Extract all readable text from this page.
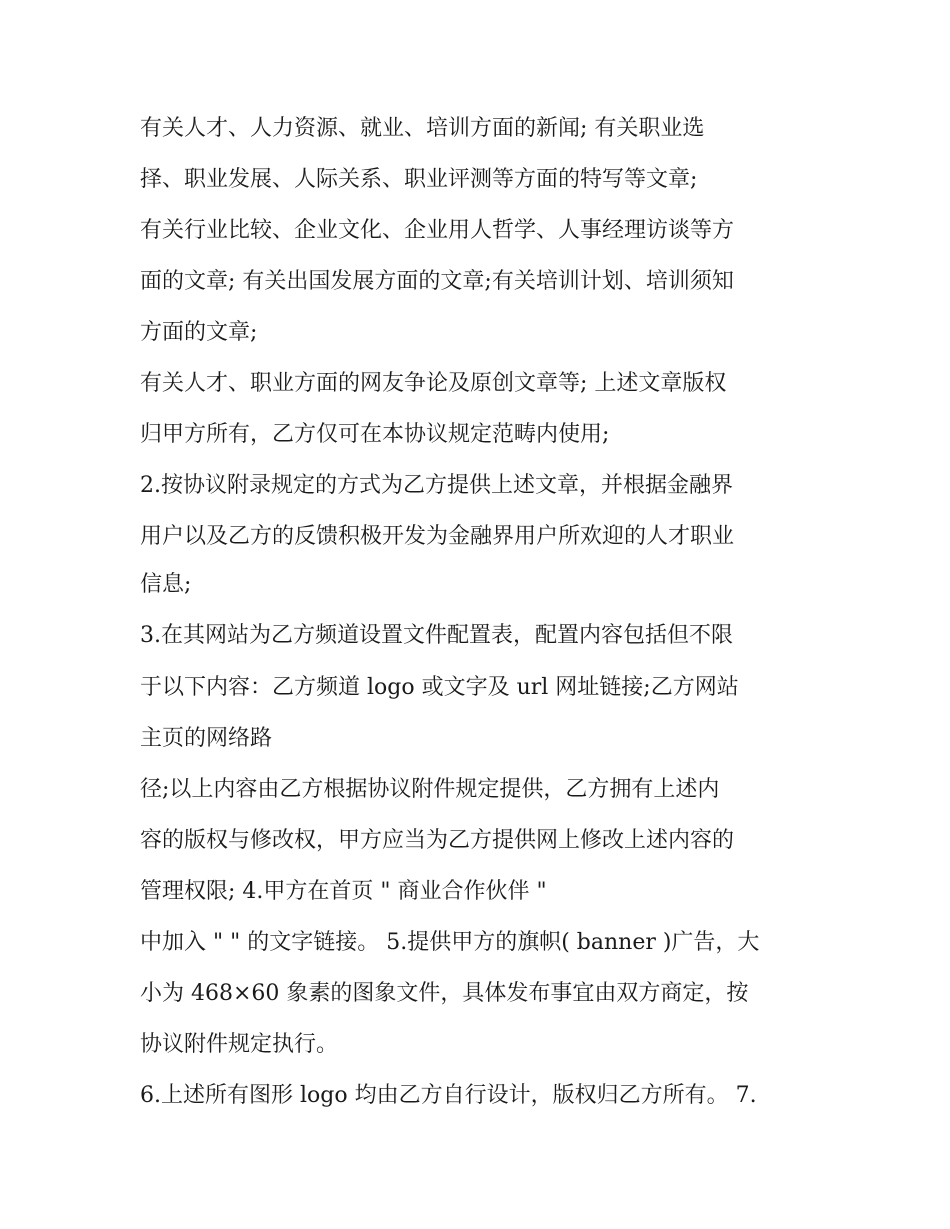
有关人才、人力资源、就业、培训方面的新闻; 有关职业选
择、职业发展、人际关系、职业评测等方面的特写等文章;
有关行业比较、企业文化、企业用人哲学、人事经理访谈等方
面的文章; 有关出国发展方面的文章;有关培训计划、培训须知
方面的文章;
有关人才、职业方面的网友争论及原创文章等; 上述文章版权
归甲方所有，乙方仅可在本协议规定范畴内使用;
2.按协议附录规定的方式为乙方提供上述文章，并根据金融界
用户以及乙方的反馈积极开发为金融界用户所欢迎的人才职业
信息;
3.在其网站为乙方频道设置文件配置表，配置内容包括但不限
于以下内容：乙方频道 logo 或文字及 url 网址链接;乙方网站
主页的网络路
径;以上内容由乙方根据协议附件规定提供，乙方拥有上述内
容的版权与修改权，甲方应当为乙方提供网上修改上述内容的
管理权限; 4.甲方在首页 " 商业合作伙伴 "
中加入 " " 的文字链接。 5.提供甲方的旗帜( banner )广告，大
小为 468×60 象素的图象文件，具体发布事宜由双方商定，按
协议附件规定执行。
6.上述所有图形 logo 均由乙方自行设计，版权归乙方所有。 7.
